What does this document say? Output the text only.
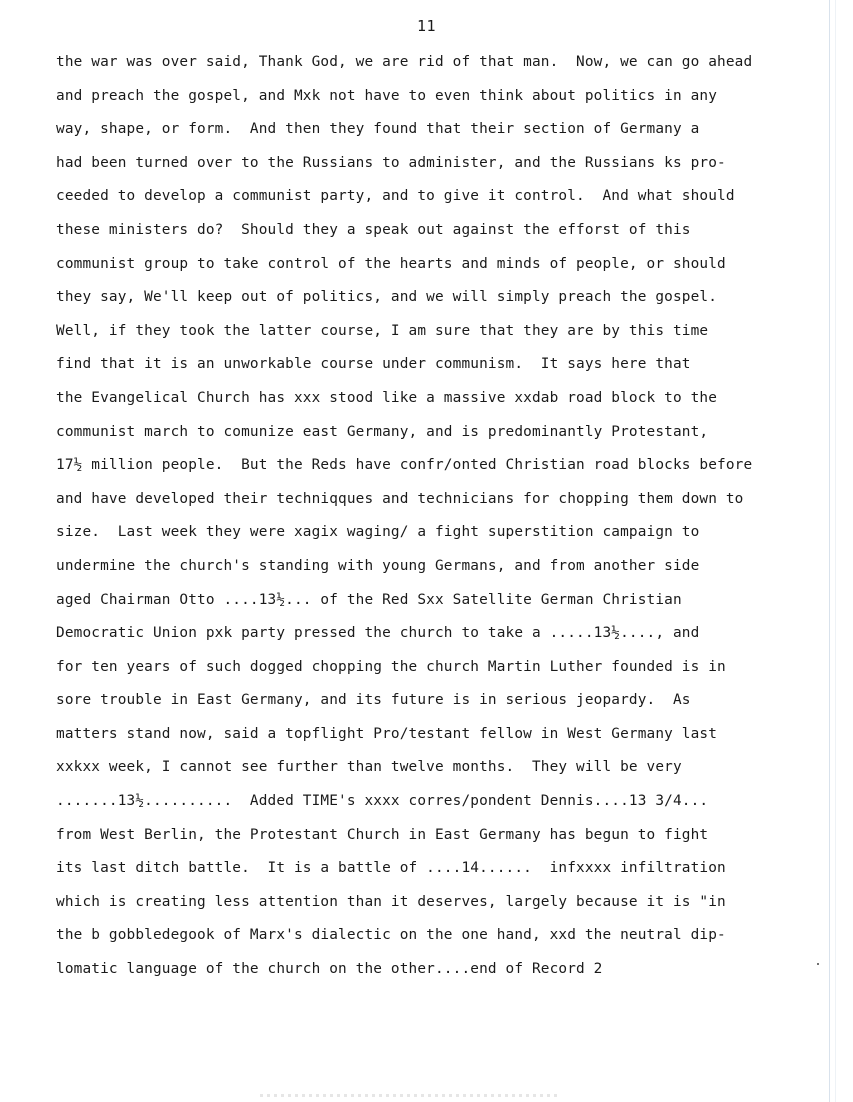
11
the war was over said, Thank God, we are rid of that man.  Now, we can go ahead
and preach the gospel, and Mxk not have to even think about politics in any
way, shape, or form.  And then they found that their section of Germany a
had been turned over to the Russians to administer, and the Russians ks pro-
ceeded to develop a communist party, and to give it control.  And what should
these ministers do?  Should they a speak out against the efforst of this
communist group to take control of the hearts and minds of people, or should
they say, We'll keep out of politics, and we will simply preach the gospel.
Well, if they took the latter course, I am sure that they are by this time
find that it is an unworkable course under communism.  It says here that
the Evangelical Church has xxx stood like a massive xxdab road block to the
communist march to comunize east Germany, and is predominantly Protestant,
17½ million people.  But the Reds have confr/onted Christian road blocks before
and have developed their techniqques and technicians for chopping them down to
size.  Last week they were xagix waging/ a fight superstition campaign to
undermine the church's standing with young Germans, and from another side
aged Chairman Otto ....13½... of the Red Sxx Satellite German Christian
Democratic Union pxk party pressed the church to take a .....13½...., and
for ten years of such dogged chopping the church Martin Luther founded is in
sore trouble in East Germany, and its future is in serious jeopardy.  As
matters stand now, said a topflight Pro/testant fellow in West Germany last
xxkxx week, I cannot see further than twelve months.  They will be very
.......13½..........  Added TIME's xxxx corres/pondent Dennis....13 3/4...
from West Berlin, the Protestant Church in East Germany has begun to fight
its last ditch battle.  It is a battle of ....14......  infxxxx infiltration
which is creating less attention than it deserves, largely because it is "in
the b gobbledegook of Marx's dialectic on the one hand, xxd the neutral dip-
lomatic language of the church on the other....end of Record 2
